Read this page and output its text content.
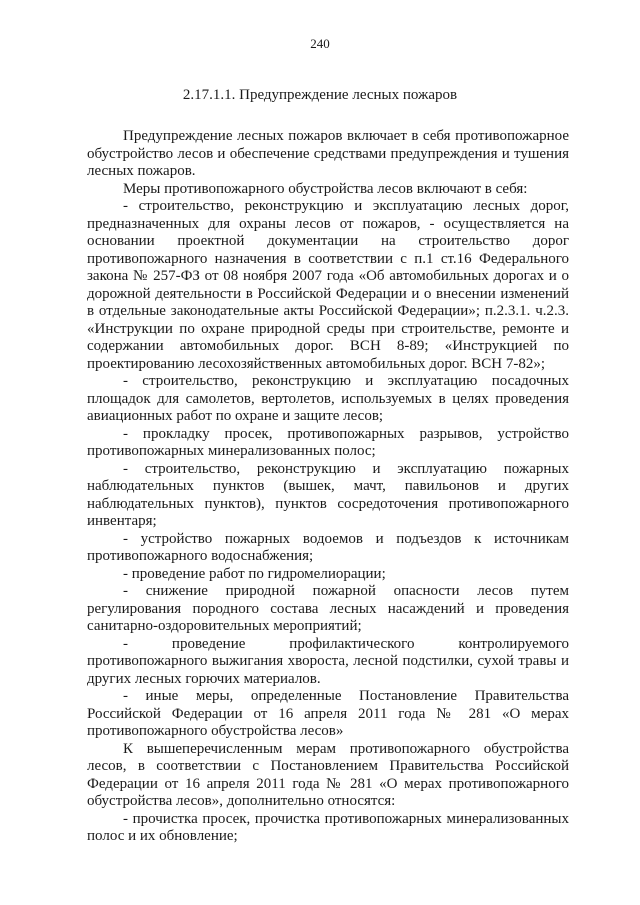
240
2.17.1.1. Предупреждение лесных пожаров

Предупреждение лесных пожаров включает в себя противопожарное обустройство лесов и обеспечение средствами предупреждения и тушения лесных пожаров.

Меры противопожарного обустройства лесов включают в себя:

- строительство, реконструкцию и эксплуатацию лесных дорог, предназначенных для охраны лесов от пожаров, - осуществляется на основании проектной документации на строительство дорог противопожарного назначения в соответствии с п.1 ст.16 Федерального закона № 257-ФЗ от 08 ноября 2007 года «Об автомобильных дорогах и о дорожной деятельности в Российской Федерации и о внесении изменений в отдельные законодательные акты Российской Федерации»; п.2.3.1. ч.2.3. «Инструкции по охране природной среды при строительстве, ремонте и содержании автомобильных дорог. ВСН 8-89; «Инструкцией по проектированию лесохозяйственных автомобильных дорог. ВСН 7-82»;

- строительство, реконструкцию и эксплуатацию посадочных площадок для самолетов, вертолетов, используемых в целях проведения авиационных работ по охране и защите лесов;

- прокладку просек, противопожарных разрывов, устройство противопожарных минерализованных полос;

- строительство, реконструкцию и эксплуатацию пожарных наблюдательных пунктов (вышек, мачт, павильонов и других наблюдательных пунктов), пунктов сосредоточения противопожарного инвентаря;

- устройство пожарных водоемов и подъездов к источникам противопожарного водоснабжения;

- проведение работ по гидромелиорации;

- снижение природной пожарной опасности лесов путем регулирования породного состава лесных насаждений и проведения санитарно-оздоровительных мероприятий;

- проведение профилактического контролируемого противопожарного выжигания хвороста, лесной подстилки, сухой травы и других лесных горючих материалов.

- иные меры, определенные Постановление Правительства Российской Федерации от 16 апреля 2011 года № 281 «О мерах противопожарного обустройства лесов»

К вышеперечисленным мерам противопожарного обустройства лесов, в соответствии с Постановлением Правительства Российской Федерации от 16 апреля 2011 года № 281 «О мерах противопожарного обустройства лесов», дополнительно относятся:

- прочистка просек, прочистка противопожарных минерализованных полос и их обновление;
